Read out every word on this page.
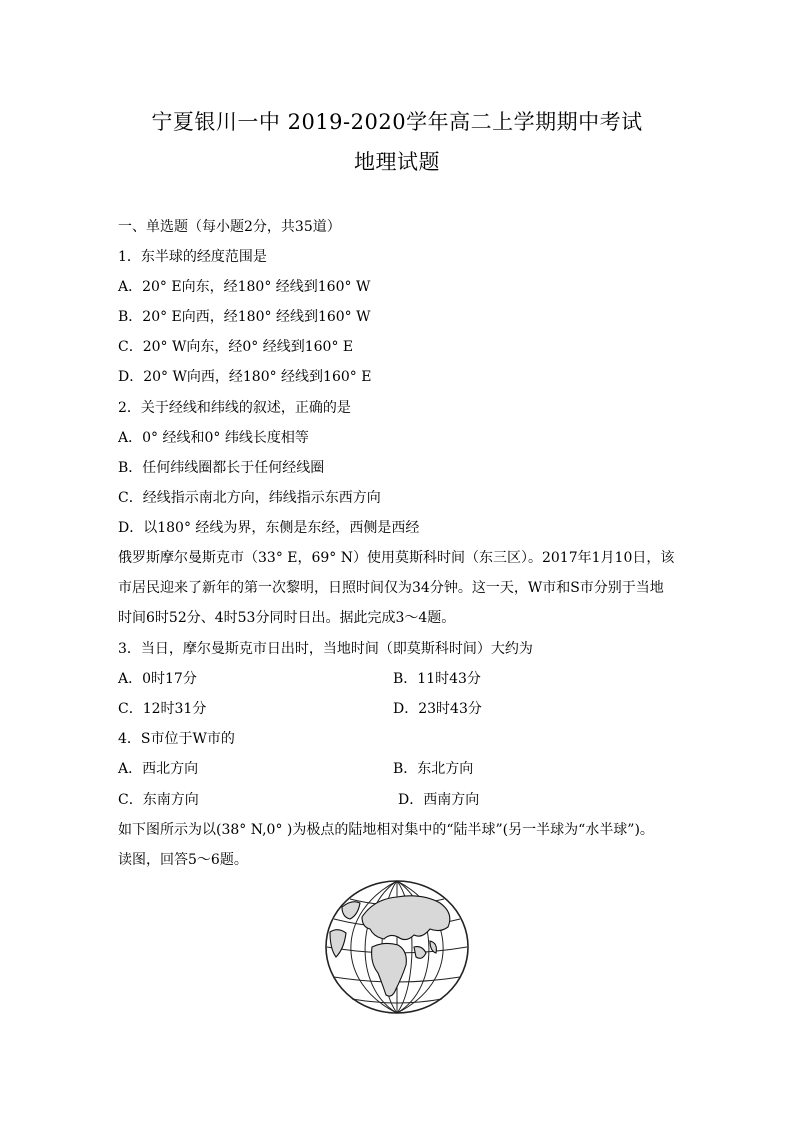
宁夏银川一中 2019-2020学年高二上学期期中考试
地理试题
一、单选题（每小题2分，共35道）
1．东半球的经度范围是
A．20° E向东，经180° 经线到160° W
B．20° E向西，经180° 经线到160° W
C．20° W向东，经0° 经线到160° E
D．20° W向西，经180° 经线到160° E
2．关于经线和纬线的叙述，正确的是
A．0° 经线和0° 纬线长度相等
B．任何纬线圈都长于任何经线圈
C．经线指示南北方向，纬线指示东西方向
D．以180° 经线为界，东侧是东经，西侧是西经
俄罗斯摩尔曼斯克市（33° E，69° N）使用莫斯科时间（东三区）。2017年1月10日，该
市居民迎来了新年的第一次黎明，日照时间仅为34分钟。这一天，W市和S市分别于当地
时间6时52分、4时53分同时日出。据此完成3～4题。
3．当日，摩尔曼斯克市日出时，当地时间（即莫斯科时间）大约为
A．0时17分	B．11时43分
C．12时31分	D．23时43分
4．S市位于W市的
A．西北方向	B．东北方向
C．东南方向	D．西南方向
如下图所示为以(38° N,0° )为极点的陆地相对集中的“陆半球”(另一半球为“水半球”)。
读图，回答5～6题。
